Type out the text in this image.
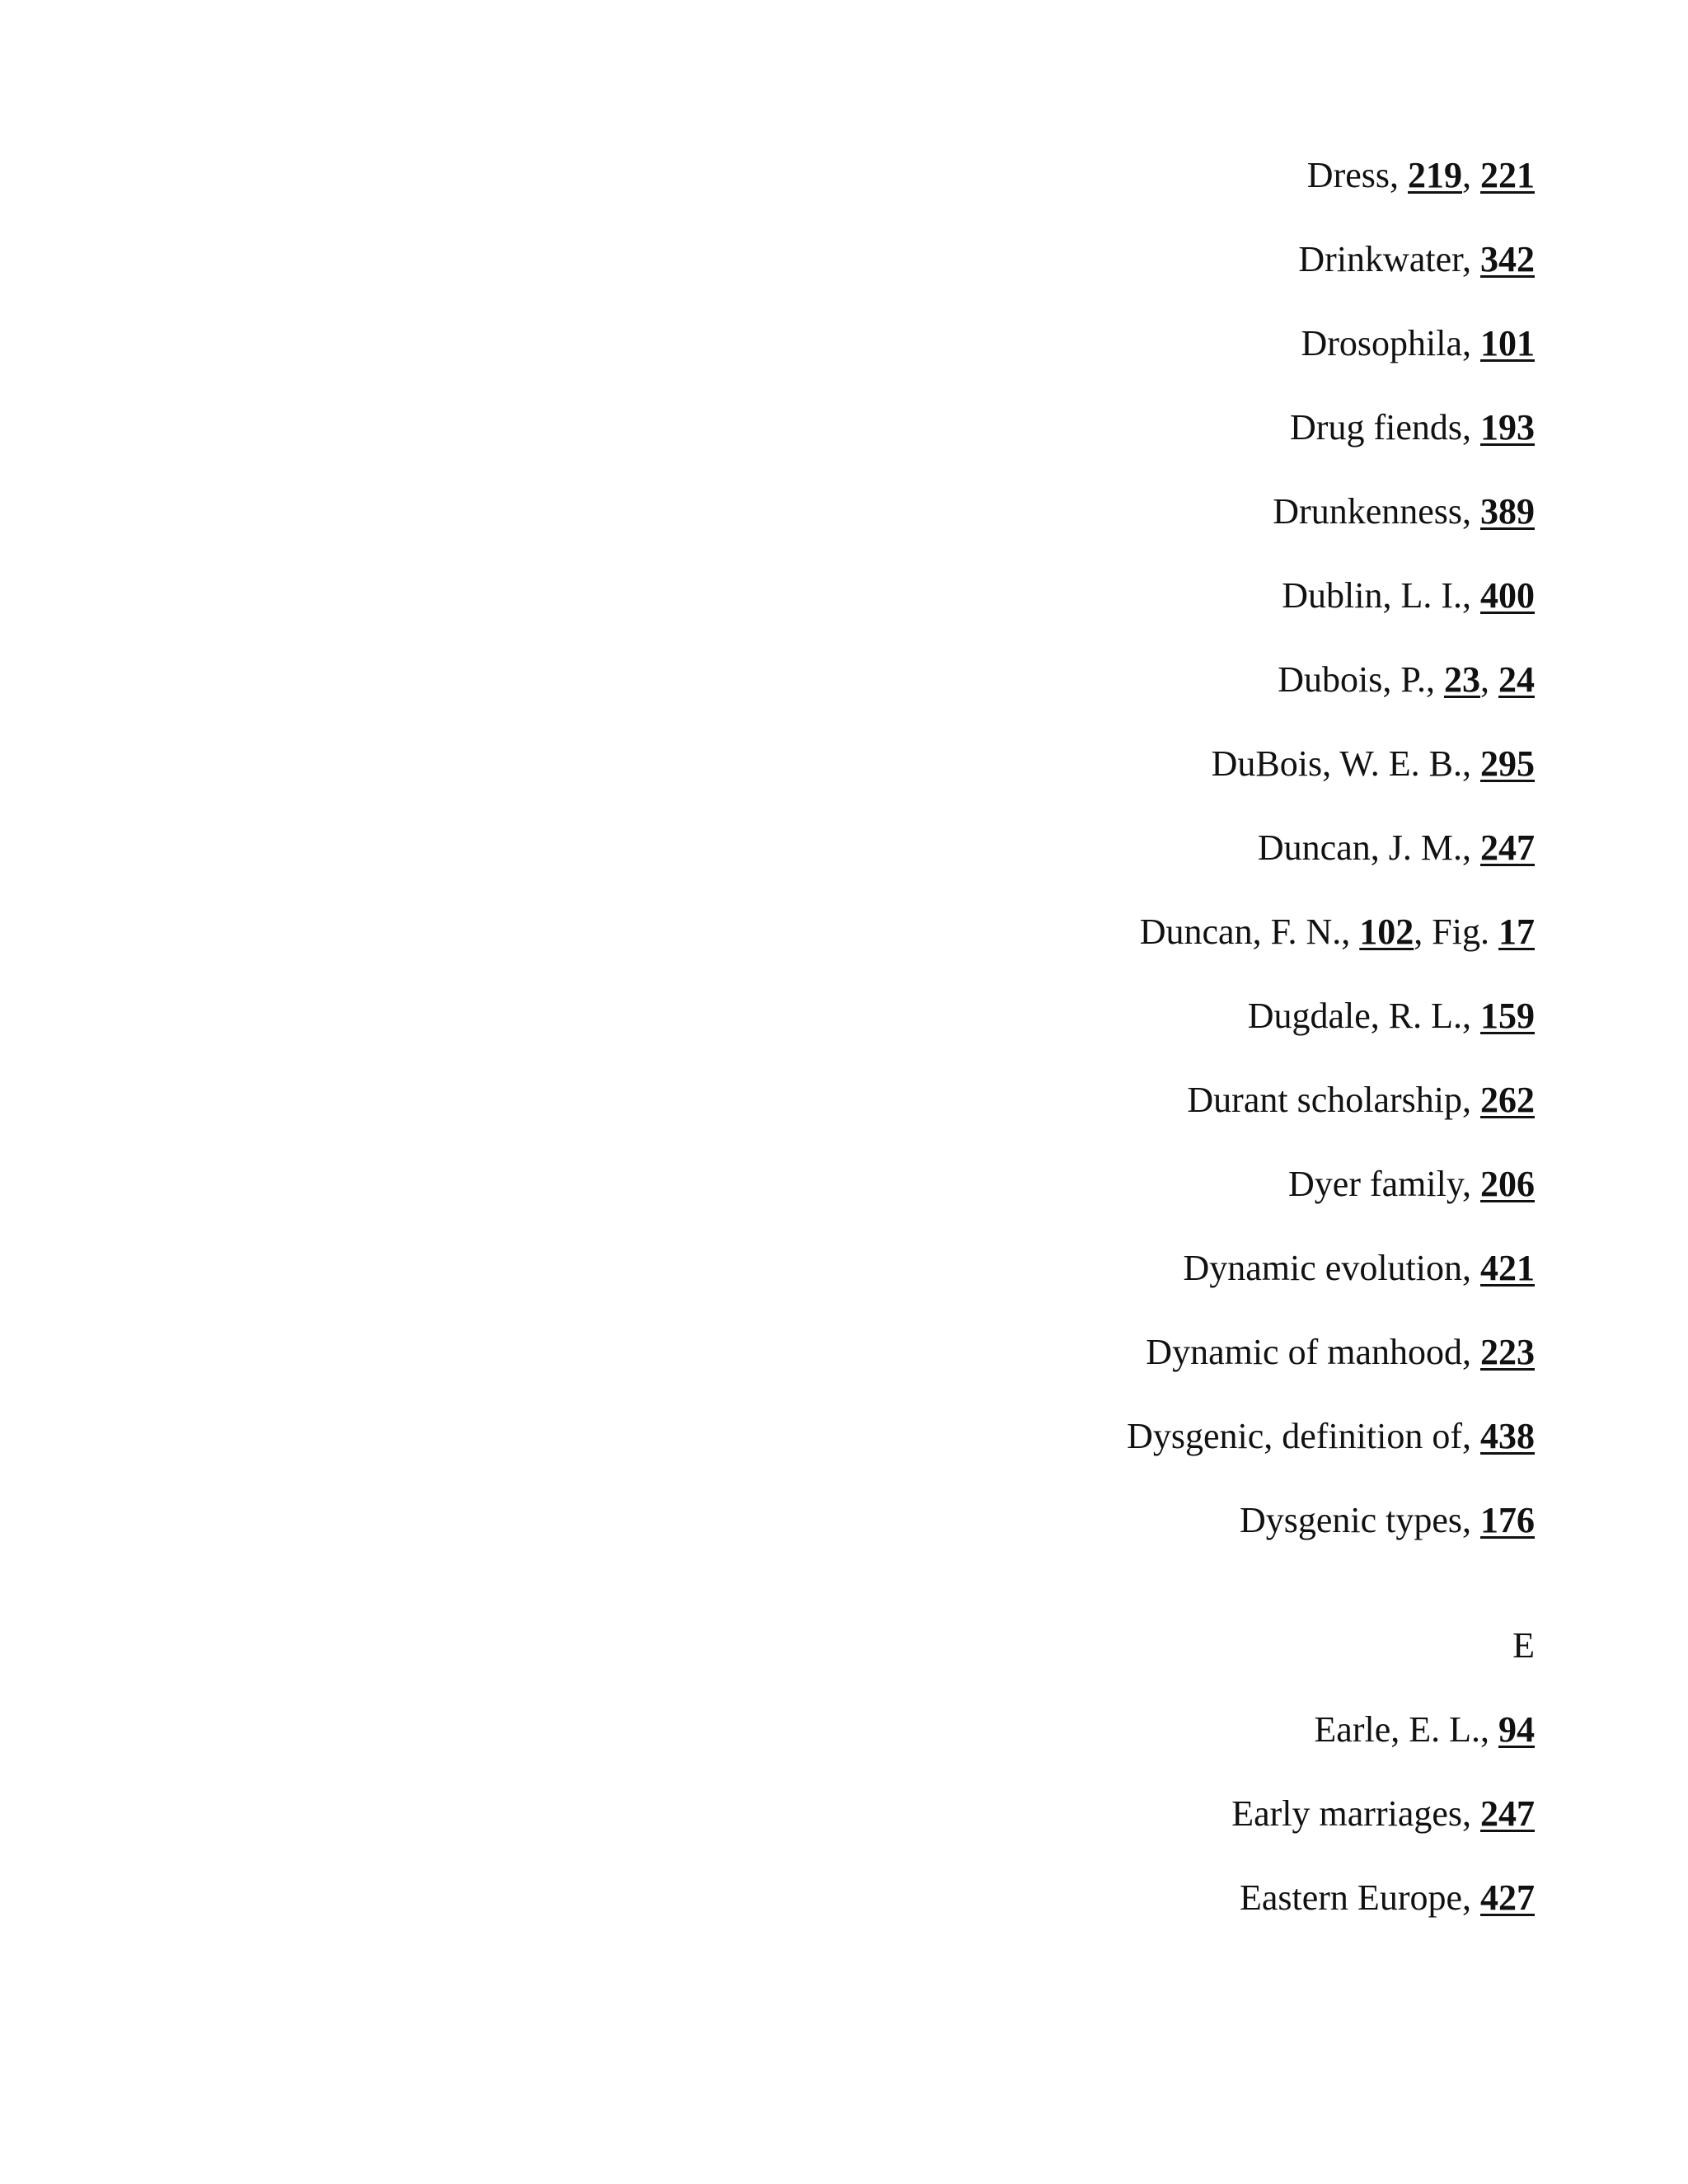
Dress, 219, 221
Drinkwater, 342
Drosophila, 101
Drug fiends, 193
Drunkenness, 389
Dublin, L. I., 400
Dubois, P., 23, 24
DuBois, W. E. B., 295
Duncan, J. M., 247
Duncan, F. N., 102, Fig. 17
Dugdale, R. L., 159
Durant scholarship, 262
Dyer family, 206
Dynamic evolution, 421
Dynamic of manhood, 223
Dysgenic, definition of, 438
Dysgenic types, 176
E
Earle, E. L., 94
Early marriages, 247
Eastern Europe, 427
